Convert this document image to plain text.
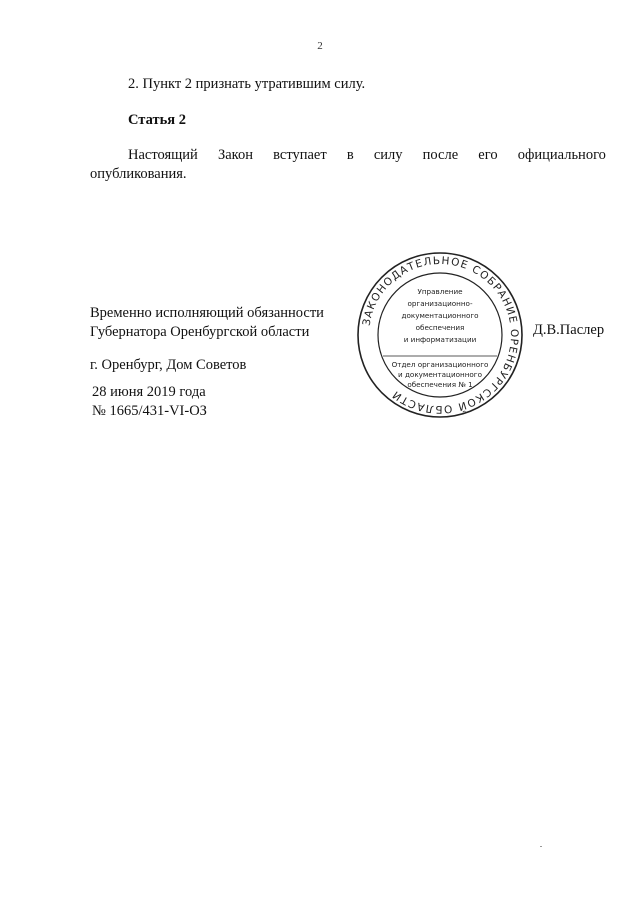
2
2. Пункт 2 признать утратившим силу.
Статья 2
Настоящий Закон вступает в силу после его официального
опубликования.
Временно исполняющий обязанности
Губернатора Оренбургской области	Д.В.Паслер
г. Оренбург, Дом Советов
28 июня 2019 года
№ 1665/431-VI-ОЗ
ЗАКОНОДАТЕЛЬНОЕ СОБРАНИЕ ОРЕНБУРГСКОЙ ОБЛАСТИ
Управление
организационно-
документационного
обеспечения
и информатизации
Отдел организационного
и документационного
обеспечения № 1
